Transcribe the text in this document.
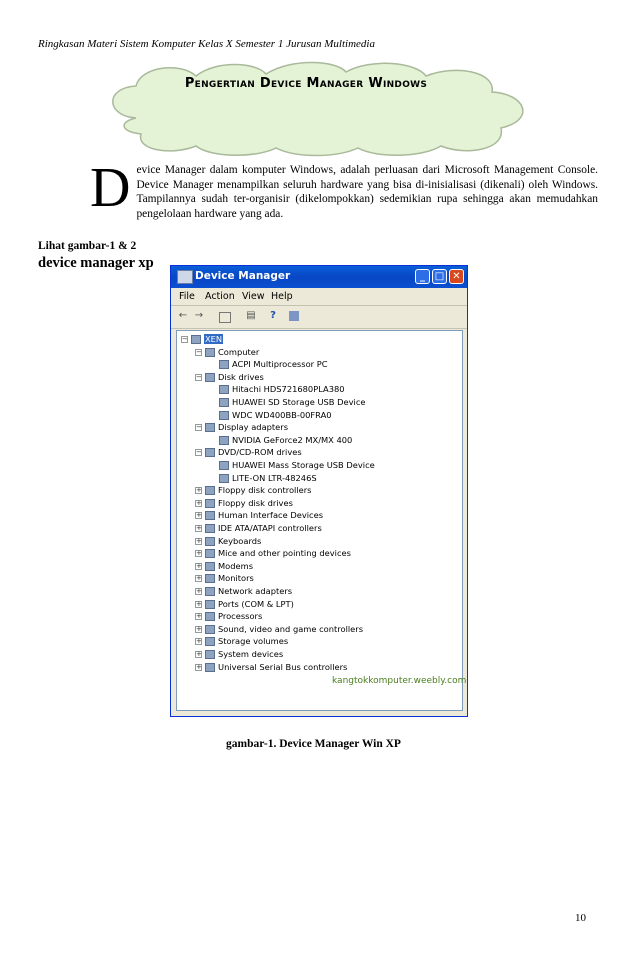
Ringkasan Materi Sistem Komputer Kelas X Semester 1 Jurusan Multimedia
Pengertian Device Manager Windows
Device Manager dalam komputer Windows, adalah perluasan dari Microsoft Management Console. Device Manager menampilkan seluruh hardware yang bisa di-inisialisasi (dikenali) oleh Windows. Tampilannya sudah ter-organisir (dikelompokkan) sedemikian rupa sehingga akan memudahkan pengelolaan hardware yang ada.
Lihat gambar-1 & 2
device manager xp
Device Manager	_ □ ✕
File Action View Help
← →	▤	?
kangtokkomputer.weebly.com
− XEN
− Computer
ACPI Multiprocessor PC
− Disk drives
Hitachi HDS721680PLA380
HUAWEI SD Storage USB Device
WDC WD400BB-00FRA0
− Display adapters
NVIDIA GeForce2 MX/MX 400
− DVD/CD-ROM drives
HUAWEI Mass Storage USB Device
LITE-ON LTR-48246S
+ Floppy disk controllers
+ Floppy disk drives
+ Human Interface Devices
+ IDE ATA/ATAPI controllers
+ Keyboards
+ Mice and other pointing devices
+ Modems
+ Monitors
+ Network adapters
+ Ports (COM & LPT)
+ Processors
+ Sound, video and game controllers
+ Storage volumes
+ System devices
+ Universal Serial Bus controllers
gambar-1. Device Manager Win XP
10
